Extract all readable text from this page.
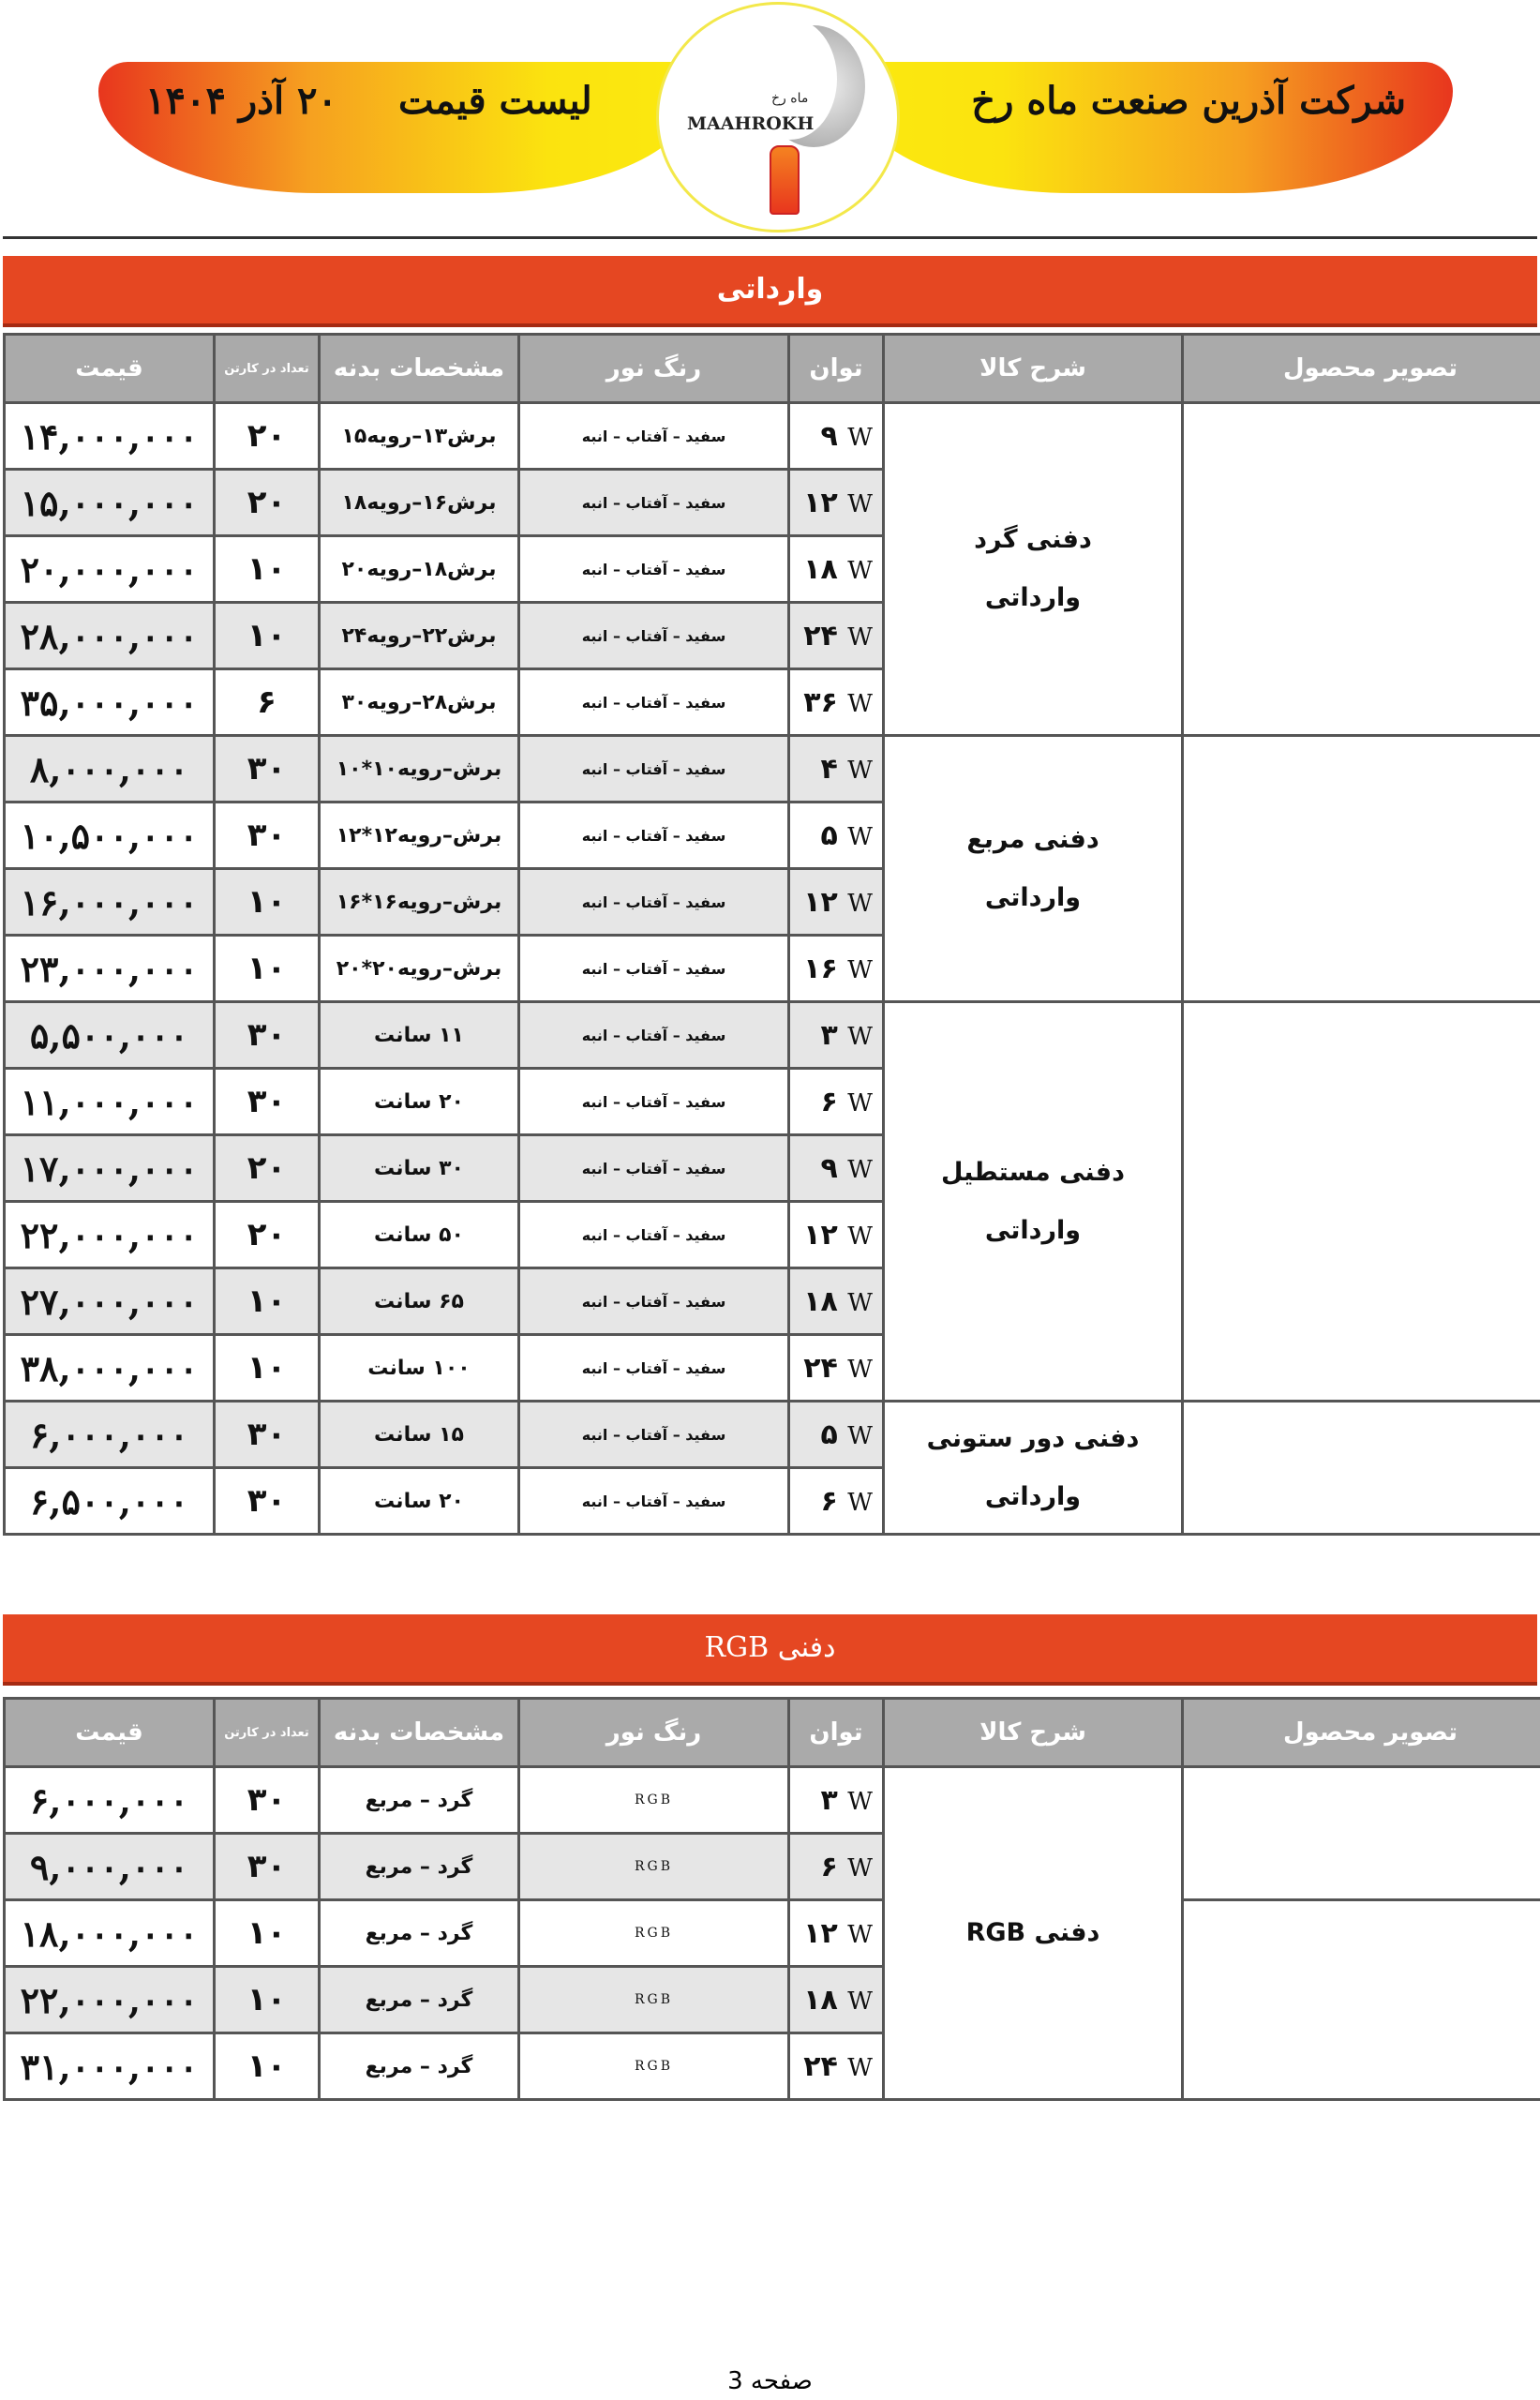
۲۰ آذر ۱۴۰۴ لیست قیمت	شرکت آذرین صنعت ماه رخ
ماه رخ
MAAHROKH
وارداتی
قیمت	تعداد در کارتن	مشخصات بدنه	رنگ نور	توان	شرح کالا	تصویر محصول
۱۴,۰۰۰,۰۰۰	۲۰	برش۱۳–رویه۱۵	سفید – آفتاب – انبه	۹ W	دفنی گرد
وارداتی	

۱۵,۰۰۰,۰۰۰	۲۰	برش۱۶–رویه۱۸	سفید – آفتاب – انبه	۱۲ W		
۲۰,۰۰۰,۰۰۰	۱۰	برش۱۸–رویه۲۰	سفید – آفتاب – انبه	۱۸ W		
۲۸,۰۰۰,۰۰۰	۱۰	برش۲۲–رویه۲۴	سفید – آفتاب – انبه	۲۴ W		
۳۵,۰۰۰,۰۰۰	۶	برش۲۸–رویه۳۰	سفید – آفتاب – انبه	۳۶ W		
۸,۰۰۰,۰۰۰	۳۰	برش–رویه۱۰*۱۰	سفید – آفتاب – انبه	۴ W	دفنی مربع
وارداتی	

۱۰,۵۰۰,۰۰۰	۳۰	برش–رویه۱۲*۱۲	سفید – آفتاب – انبه	۵ W		
۱۶,۰۰۰,۰۰۰	۱۰	برش–رویه۱۶*۱۶	سفید – آفتاب – انبه	۱۲ W		
۲۳,۰۰۰,۰۰۰	۱۰	برش–رویه۲۰*۲۰	سفید – آفتاب – انبه	۱۶ W		
۵,۵۰۰,۰۰۰	۳۰	۱۱ سانت	سفید – آفتاب – انبه	۳ W	دفنی مستطیل
وارداتی	

۱۱,۰۰۰,۰۰۰	۳۰	۲۰ سانت	سفید – آفتاب – انبه	۶ W		
۱۷,۰۰۰,۰۰۰	۲۰	۳۰ سانت	سفید – آفتاب – انبه	۹ W		
۲۲,۰۰۰,۰۰۰	۲۰	۵۰ سانت	سفید – آفتاب – انبه	۱۲ W		
۲۷,۰۰۰,۰۰۰	۱۰	۶۵ سانت	سفید – آفتاب – انبه	۱۸ W		
۳۸,۰۰۰,۰۰۰	۱۰	۱۰۰ سانت	سفید – آفتاب – انبه	۲۴ W		
۶,۰۰۰,۰۰۰	۳۰	۱۵ سانت	سفید – آفتاب – انبه	۵ W	دفنی دور ستونی
وارداتی	

۶,۵۰۰,۰۰۰	۳۰	۲۰ سانت	سفید – آفتاب – انبه	۶ W		
دفنی RGB
قیمت	تعداد در کارتن	مشخصات بدنه	رنگ نور	توان	شرح کالا	تصویر محصول
۶,۰۰۰,۰۰۰	۳۰	گرد – مربع	RGB	۳ W	دفنی RGB	

۹,۰۰۰,۰۰۰	۳۰	گرد – مربع	RGB	۶ W		
۱۸,۰۰۰,۰۰۰	۱۰	گرد – مربع	RGB	۱۲ W		
۲۲,۰۰۰,۰۰۰	۱۰	گرد – مربع	RGB	۱۸ W		
۳۱,۰۰۰,۰۰۰	۱۰	گرد – مربع	RGB	۲۴ W		
صفحه 3
